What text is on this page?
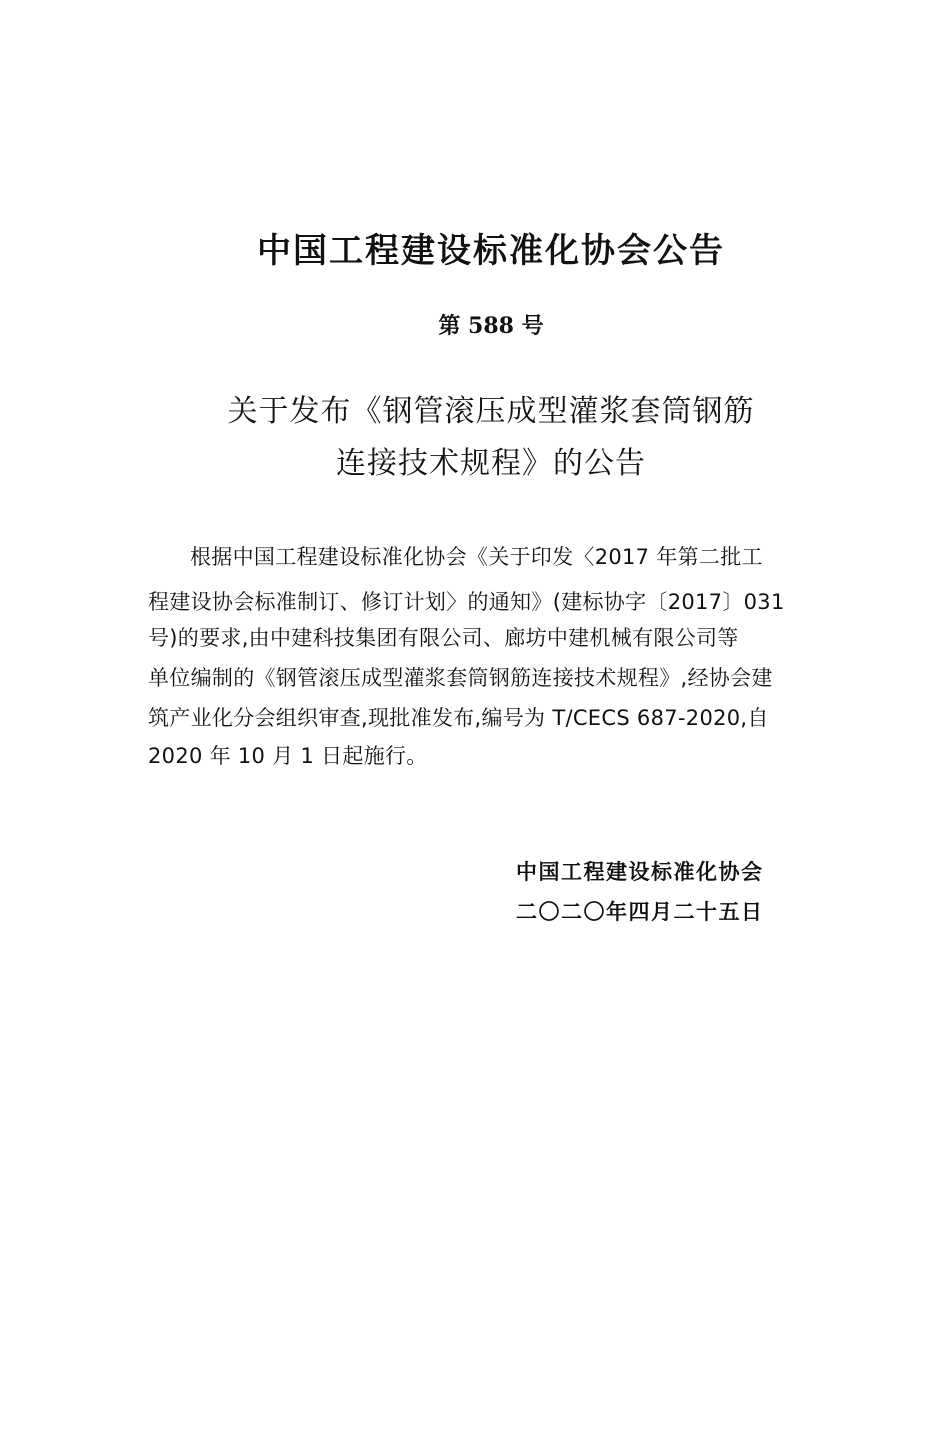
中国工程建设标准化协会公告
第 588 号
关于发布《钢管滚压成型灌浆套筒钢筋
连接技术规程》的公告
根据中国工程建设标准化协会《关于印发〈2017 年第二批工
程建设协会标准制订、修订计划〉的通知》(建标协字〔2017〕031
号)的要求,由中建科技集团有限公司、廊坊中建机械有限公司等
单位编制的《钢管滚压成型灌浆套筒钢筋连接技术规程》,经协会建
筑产业化分会组织审查,现批准发布,编号为 T/CECS 687-2020,自
2020 年 10 月 1 日起施行。
中国工程建设标准化协会
二〇二〇年四月二十五日
